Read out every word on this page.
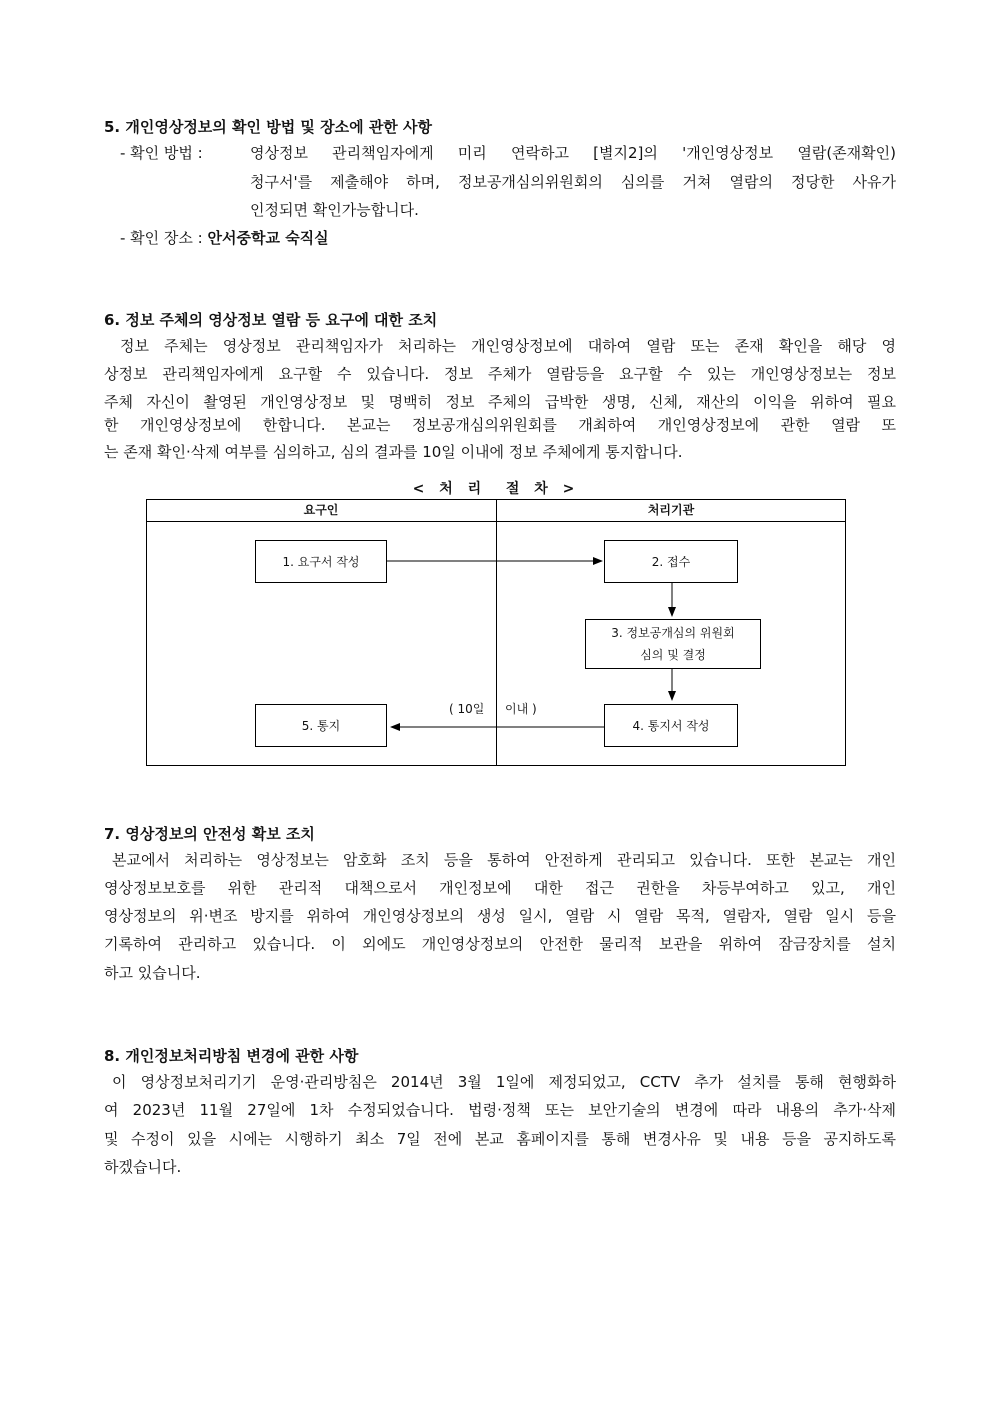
5. 개인영상정보의 확인 방법 및 장소에 관한 사항
- 확인 방법 :	영상정보 관리책임자에게 미리 연락하고 [별지2]의 '개인영상정보 열람(존재확인)
청구서'를 제출해야 하며, 정보공개심의위원회의 심의를 거쳐 열람의 정당한 사유가
인정되면 확인가능합니다.
- 확인 장소 : 안서중학교 숙직실
6. 정보 주체의 영상정보 열람 등 요구에 대한 조치
정보 주체는 영상정보 관리책임자가 처리하는 개인영상정보에 대하여 열람 또는 존재 확인을 해당 영
상정보 관리책임자에게 요구할 수 있습니다. 정보 주체가 열람등을 요구할 수 있는 개인영상정보는 정보
주체 자신이 촬영된 개인영상정보 및 명백히 정보 주체의 급박한 생명, 신체, 재산의 이익을 위하여 필요
한 개인영상정보에 한합니다. 본교는 정보공개심의위원회를 개최하여 개인영상정보에 관한 열람 또
는 존재 확인·삭제 여부를 심의하고, 심의 결과를 10일 이내에 정보 주체에게 통지합니다.
< 처 리  절 차 >
요구인	처리기관
1. 요구서 작성	2. 접수
3. 정보공개심의 위원회
심의 및 결정
4. 통지서 작성
5. 통지
( 10일 이내 )
7. 영상정보의 안전성 확보 조치
본교에서 처리하는 영상정보는 암호화 조치 등을 통하여 안전하게 관리되고 있습니다. 또한 본교는 개인
영상정보보호를 위한 관리적 대책으로서 개인정보에 대한 접근 권한을 차등부여하고 있고, 개인
영상정보의 위·변조 방지를 위하여 개인영상정보의 생성 일시, 열람 시 열람 목적, 열람자, 열람 일시 등을
기록하여 관리하고 있습니다. 이 외에도 개인영상정보의 안전한 물리적 보관을 위하여 잠금장치를 설치
하고 있습니다.
8. 개인정보처리방침 변경에 관한 사항
이 영상정보처리기기 운영·관리방침은 2014년 3월 1일에 제정되었고, CCTV 추가 설치를 통해 현행화하
여 2023년 11월 27일에 1차 수정되었습니다. 법령·정책 또는 보안기술의 변경에 따라 내용의 추가·삭제
및 수정이 있을 시에는 시행하기 최소 7일 전에 본교 홈페이지를 통해 변경사유 및 내용 등을 공지하도록
하겠습니다.
